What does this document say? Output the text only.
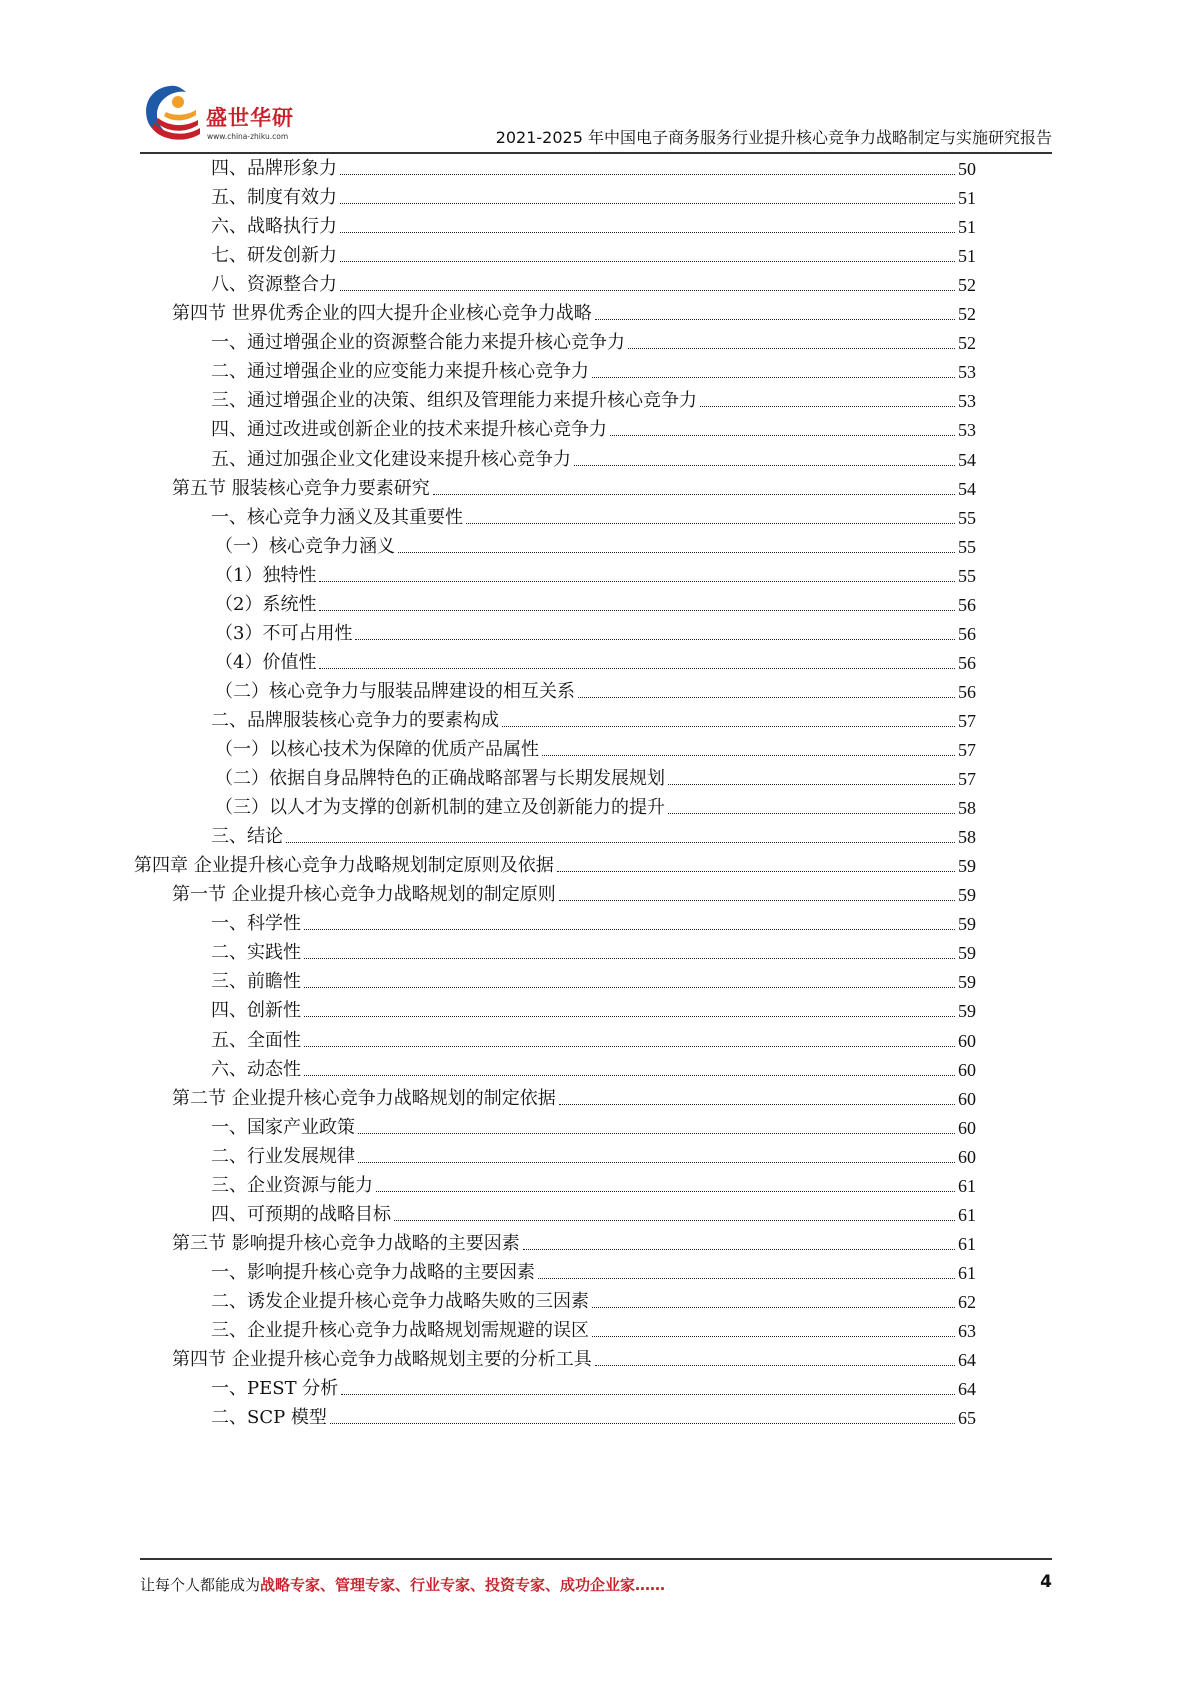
盛世华研
www.china-zhiku.com	2021-2025 年中国电子商务服务行业提升核心竞争力战略制定与实施研究报告
四、品牌形象力	50
五、制度有效力	51
六、战略执行力	51
七、研发创新力	51
八、资源整合力	52
第四节 世界优秀企业的四大提升企业核心竞争力战略	52
一、通过增强企业的资源整合能力来提升核心竞争力	52
二、通过增强企业的应变能力来提升核心竞争力	53
三、通过增强企业的决策、组织及管理能力来提升核心竞争力	53
四、通过改进或创新企业的技术来提升核心竞争力	53
五、通过加强企业文化建设来提升核心竞争力	54
第五节 服装核心竞争力要素研究	54
一、核心竞争力涵义及其重要性	55
（一）核心竞争力涵义	55
（1）独特性	55
（2）系统性	56
（3）不可占用性	56
（4）价值性	56
（二）核心竞争力与服装品牌建设的相互关系	56
二、品牌服装核心竞争力的要素构成	57
（一）以核心技术为保障的优质产品属性	57
（二）依据自身品牌特色的正确战略部署与长期发展规划	57
（三）以人才为支撑的创新机制的建立及创新能力的提升	58
三、结论	58
第四章 企业提升核心竞争力战略规划制定原则及依据	59
第一节 企业提升核心竞争力战略规划的制定原则	59
一、科学性	59
二、实践性	59
三、前瞻性	59
四、创新性	59
五、全面性	60
六、动态性	60
第二节 企业提升核心竞争力战略规划的制定依据	60
一、国家产业政策	60
二、行业发展规律	60
三、企业资源与能力	61
四、可预期的战略目标	61
第三节 影响提升核心竞争力战略的主要因素	61
一、影响提升核心竞争力战略的主要因素	61
二、诱发企业提升核心竞争力战略失败的三因素	62
三、企业提升核心竞争力战略规划需规避的误区	63
第四节 企业提升核心竞争力战略规划主要的分析工具	64
一、PEST 分析	64
二、SCP 模型	65
让每个人都能成为战略专家、管理专家、行业专家、投资专家、成功企业家……	4
